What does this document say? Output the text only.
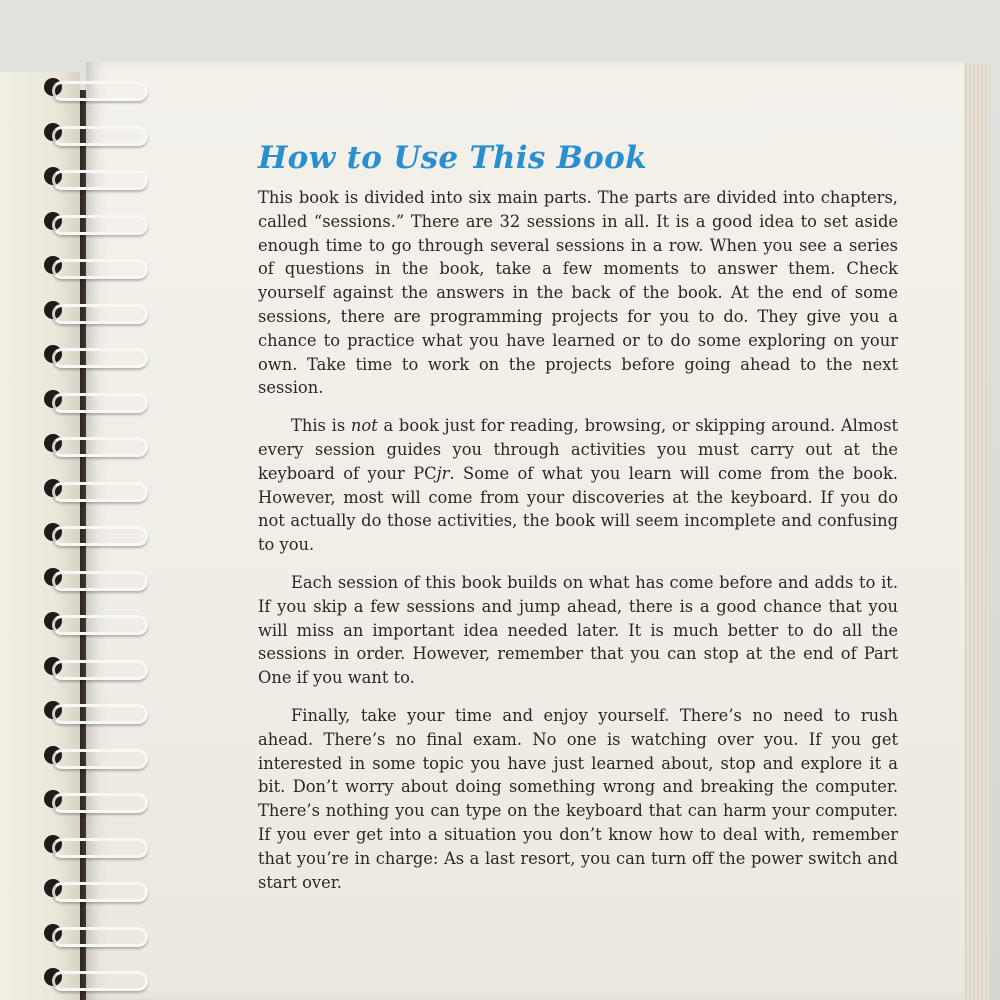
How to Use This Book

This book is divided into six main parts. The parts are divided into chapters, called “sessions.” There are 32 sessions in all. It is a good idea to set aside enough time to go through several sessions in a row. When you see a series of questions in the book, take a few moments to answer them. Check yourself against the answers in the back of the book. At the end of some sessions, there are programming projects for you to do. They give you a chance to practice what you have learned or to do some exploring on your own. Take time to work on the projects before going ahead to the next session.

This is not a book just for reading, browsing, or skipping around. Almost every session guides you through activities you must carry out at the keyboard of your PCjr. Some of what you learn will come from the book. However, most will come from your discoveries at the keyboard. If you do not actually do those activities, the book will seem incomplete and confusing to you.

Each session of this book builds on what has come before and adds to it. If you skip a few sessions and jump ahead, there is a good chance that you will miss an important idea needed later. It is much better to do all the sessions in order. However, remember that you can stop at the end of Part One if you want to.

Finally, take your time and enjoy yourself. There’s no need to rush ahead. There’s no final exam. No one is watching over you. If you get interested in some topic you have just learned about, stop and explore it a bit. Don’t worry about doing something wrong and breaking the computer. There’s nothing you can type on the keyboard that can harm your computer. If you ever get into a situation you don’t know how to deal with, remember that you’re in charge: As a last resort, you can turn off the power switch and start over.
